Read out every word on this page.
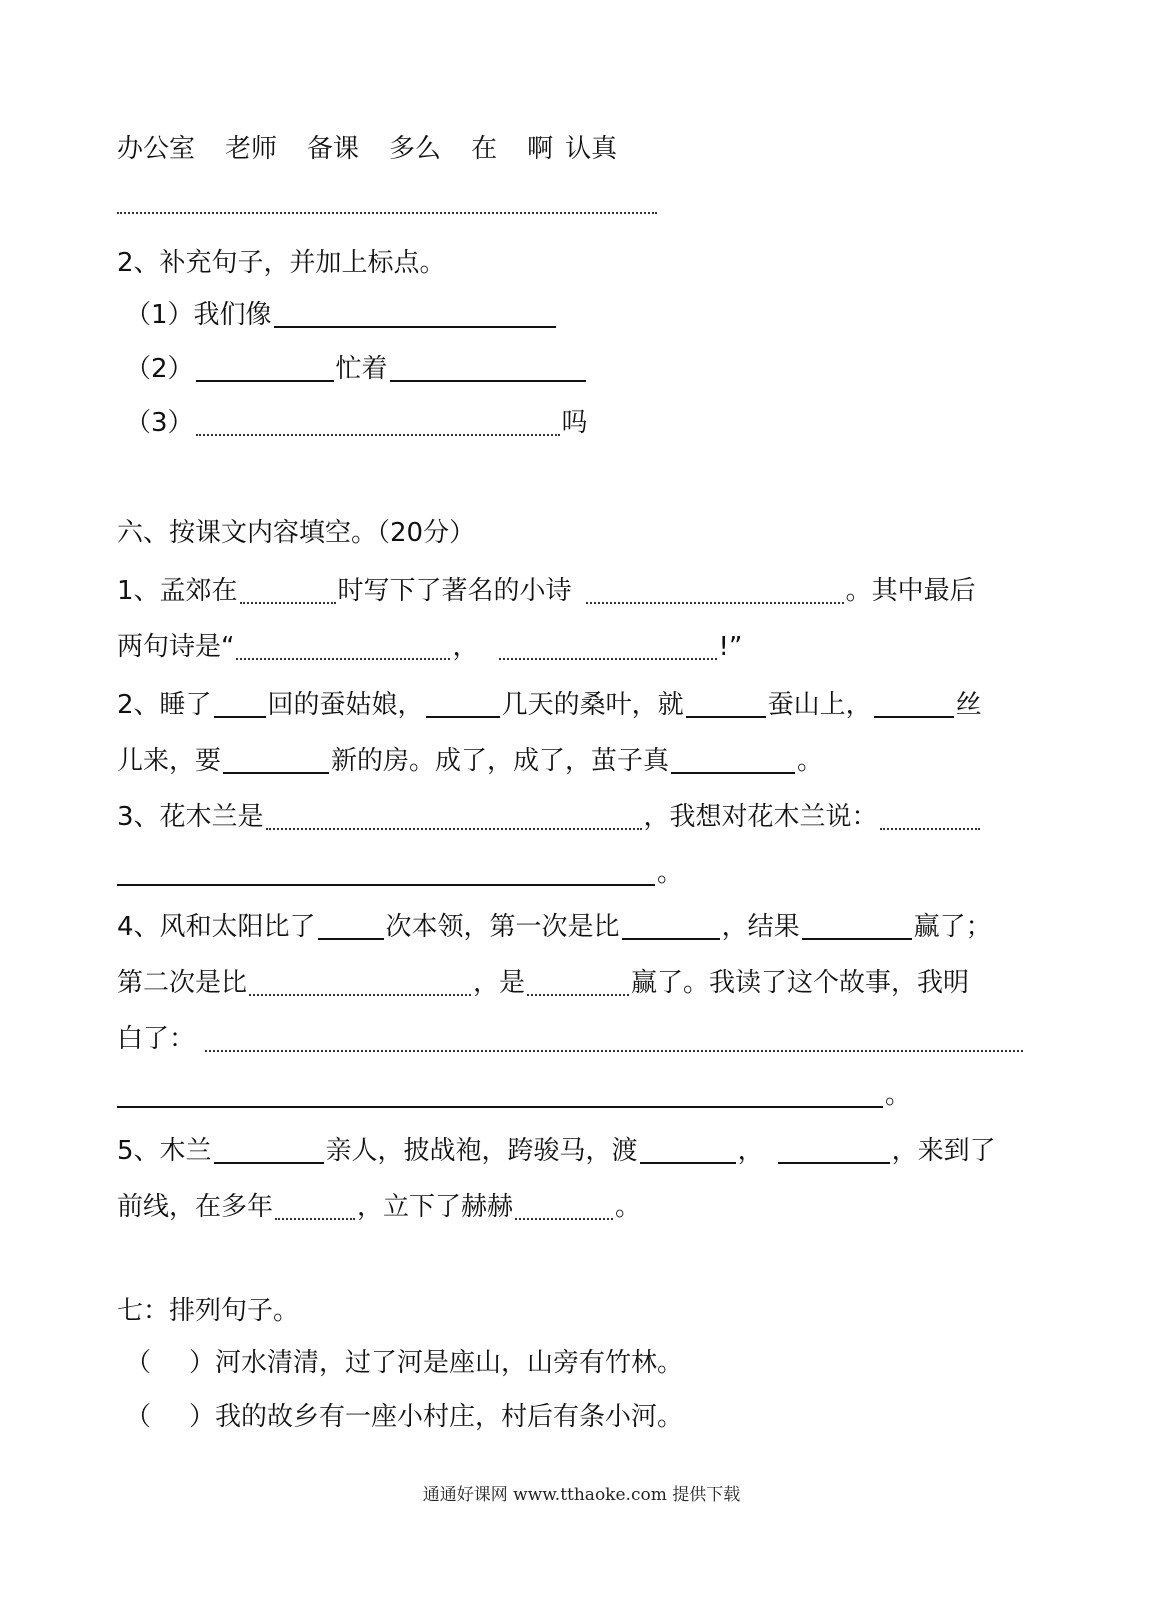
办公室 老师 备课 多么 在 啊 认真
2、补充句子，并加上标点。
（1）我们像
（2）	忙着
（3）	吗
六、按课文内容填空。（20分）
1、孟郊在	时写下了著名的小诗	。其中最后
两句诗是“	，	!”
2、睡了 回的蚕姑娘，	几天的桑叶，就	蚕山上，	丝
儿来，要	新的房。成了，成了，茧子真	。
3、花木兰是	，我想对花木兰说：
。
4、风和太阳比了	次本领，第一次是比	，结果	赢了；
第二次是比	，是	赢了。我读了这个故事，我明
白了：
。
5、木兰	亲人，披战袍，跨骏马，渡	，	，来到了
前线，在多年	，立下了赫赫	。
七：排列句子。
（ ）河水清清，过了河是座山，山旁有竹林。
（ ）我的故乡有一座小村庄，村后有条小河。
通通好课网 www.tthaoke.com 提供下载
